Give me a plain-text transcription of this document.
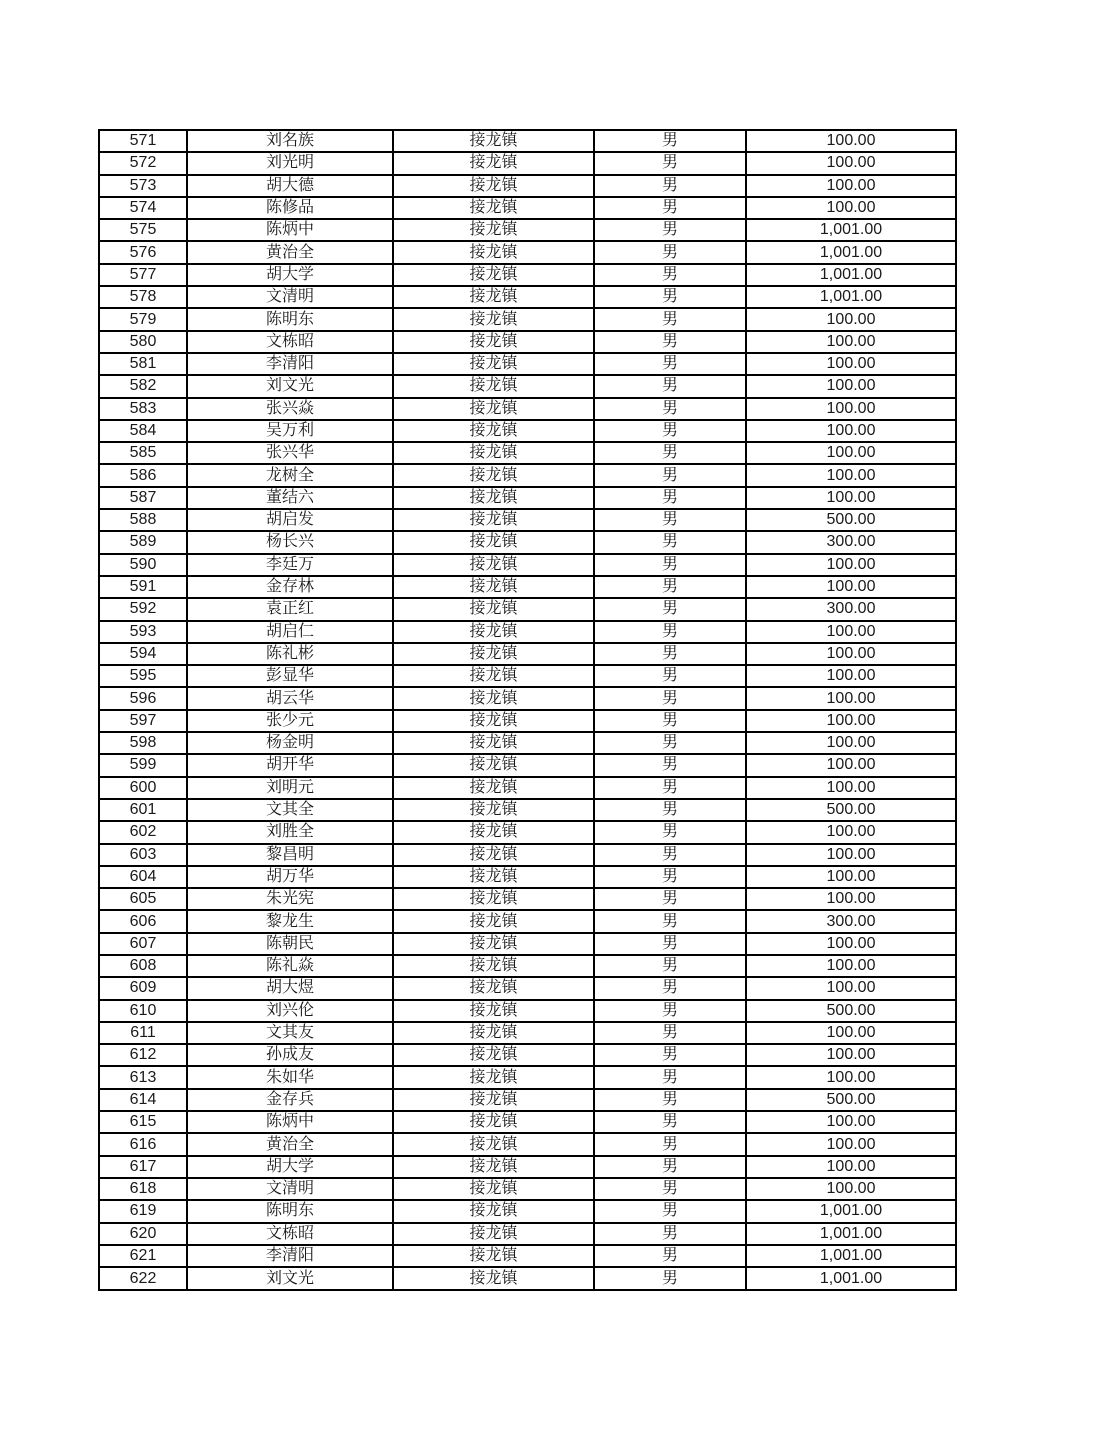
571	刘名族	接龙镇	男	100.00
572	刘光明	接龙镇	男	100.00
573	胡大德	接龙镇	男	100.00
574	陈修品	接龙镇	男	100.00
575	陈炳中	接龙镇	男	1,001.00
576	黄治全	接龙镇	男	1,001.00
577	胡大学	接龙镇	男	1,001.00
578	文清明	接龙镇	男	1,001.00
579	陈明东	接龙镇	男	100.00
580	文栋昭	接龙镇	男	100.00
581	李清阳	接龙镇	男	100.00
582	刘文光	接龙镇	男	100.00
583	张兴焱	接龙镇	男	100.00
584	吴万利	接龙镇	男	100.00
585	张兴华	接龙镇	男	100.00
586	龙树全	接龙镇	男	100.00
587	董结六	接龙镇	男	100.00
588	胡启发	接龙镇	男	500.00
589	杨长兴	接龙镇	男	300.00
590	李廷万	接龙镇	男	100.00
591	金存林	接龙镇	男	100.00
592	袁正红	接龙镇	男	300.00
593	胡启仁	接龙镇	男	100.00
594	陈礼彬	接龙镇	男	100.00
595	彭显华	接龙镇	男	100.00
596	胡云华	接龙镇	男	100.00
597	张少元	接龙镇	男	100.00
598	杨金明	接龙镇	男	100.00
599	胡开华	接龙镇	男	100.00
600	刘明元	接龙镇	男	100.00
601	文其全	接龙镇	男	500.00
602	刘胜全	接龙镇	男	100.00
603	黎昌明	接龙镇	男	100.00
604	胡万华	接龙镇	男	100.00
605	朱光宪	接龙镇	男	100.00
606	黎龙生	接龙镇	男	300.00
607	陈朝民	接龙镇	男	100.00
608	陈礼焱	接龙镇	男	100.00
609	胡大煜	接龙镇	男	100.00
610	刘兴伦	接龙镇	男	500.00
611	文其友	接龙镇	男	100.00
612	孙成友	接龙镇	男	100.00
613	朱如华	接龙镇	男	100.00
614	金存兵	接龙镇	男	500.00
615	陈炳中	接龙镇	男	100.00
616	黄治全	接龙镇	男	100.00
617	胡大学	接龙镇	男	100.00
618	文清明	接龙镇	男	100.00
619	陈明东	接龙镇	男	1,001.00
620	文栋昭	接龙镇	男	1,001.00
621	李清阳	接龙镇	男	1,001.00
622	刘文光	接龙镇	男	1,001.00
